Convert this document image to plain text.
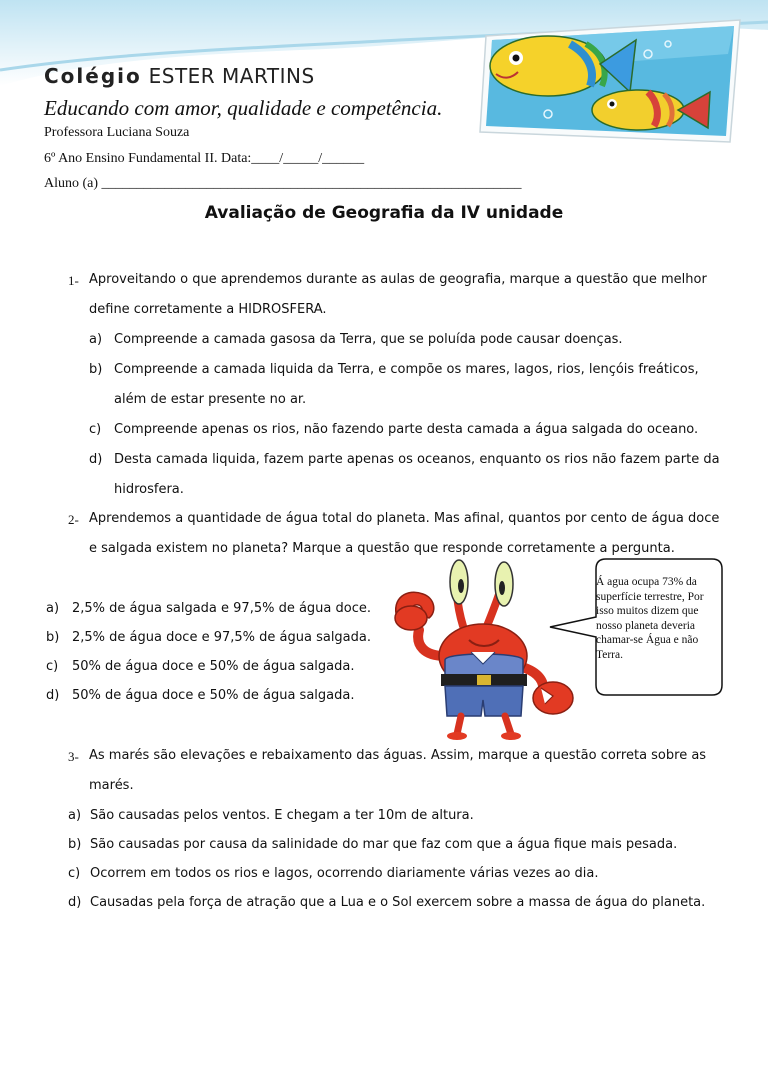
Colégio ESTER MARTINS
Educando com amor, qualidade e competência.
Professora Luciana Souza
6º Ano Ensino Fundamental II. Data:____/_____/______
Aluno (a) ____________________________________________________________
Avaliação de Geografia da IV unidade
1- Aproveitando o que aprendemos durante as aulas de geografia, marque a questão que melhor
define corretamente a HIDROSFERA.
a) Compreende a camada gasosa da Terra, que se poluída pode causar doenças.
b) Compreende a camada liquida da Terra, e compõe os mares, lagos, rios, lençóis freáticos,
além de estar presente no ar.
c) Compreende apenas os rios, não fazendo parte desta camada a água salgada do oceano.
d) Desta camada liquida, fazem parte apenas os oceanos, enquanto os rios não fazem parte da
hidrosfera.
2- Aprendemos a quantidade de água total do planeta. Mas afinal, quantos por cento de água doce
e salgada existem no planeta? Marque a questão que responde corretamente a pergunta.
a) 2,5% de água salgada e 97,5% de água doce.
b) 2,5% de água doce e 97,5% de água salgada.
c) 50% de água doce e 50% de água salgada.
d) 50% de água doce e 50% de água salgada.
Á agua ocupa 73% da superfície terrestre, Por isso muitos dizem que nosso planeta deveria chamar-se Água e não Terra.
3- As marés são elevações e rebaixamento das águas. Assim, marque a questão correta sobre as
marés.
a) São causadas pelos ventos. E chegam a ter 10m de altura.
b) São causadas por causa da salinidade do mar que faz com que a água fique mais pesada.
c) Ocorrem em todos os rios e lagos, ocorrendo diariamente várias vezes ao dia.
d) Causadas pela força de atração que a Lua e o Sol exercem sobre a massa de água do planeta.
